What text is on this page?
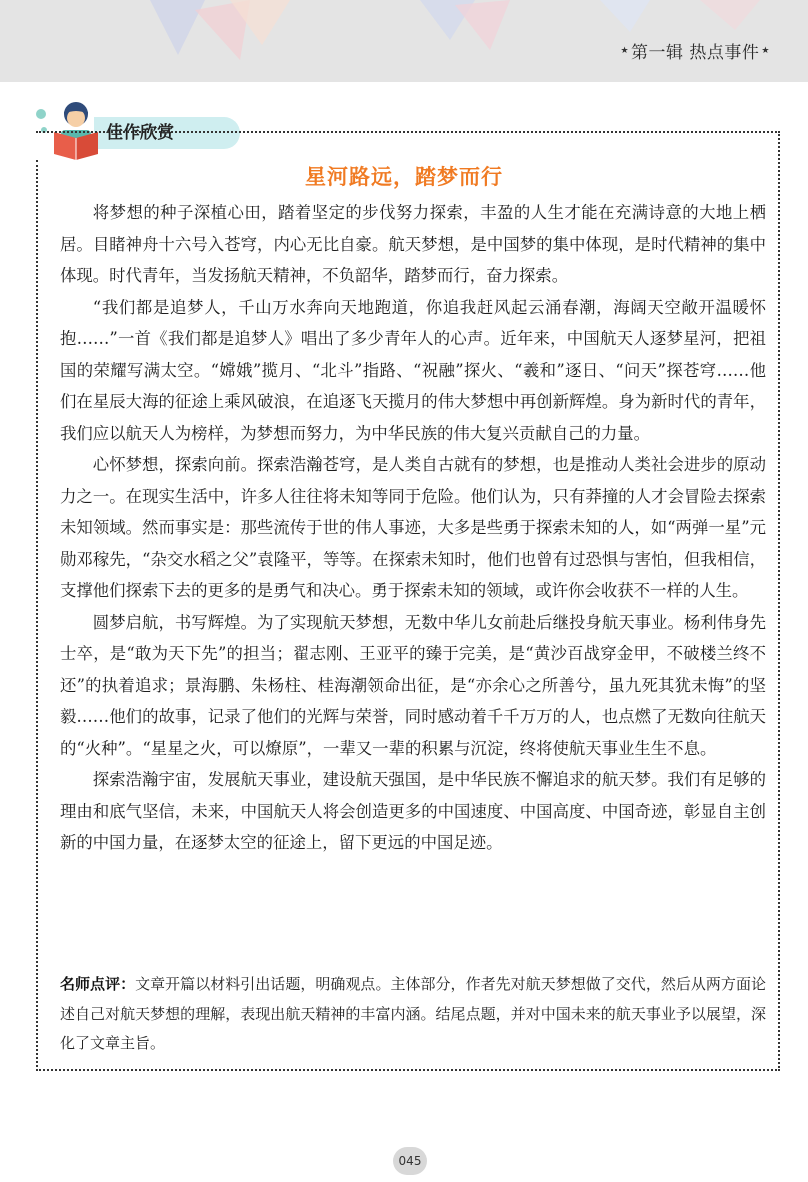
★ 第一辑 热点事件 ★
佳作欣赏
星河路远，踏梦而行

将梦想的种子深植心田，踏着坚定的步伐努力探索，丰盈的人生才能在充满诗意的大地上栖居。目睹神舟十六号入苍穹，内心无比自豪。航天梦想，是中国梦的集中体现，是时代精神的集中体现。时代青年，当发扬航天精神，不负韶华，踏梦而行，奋力探索。

“我们都是追梦人，千山万水奔向天地跑道，你追我赶风起云涌春潮，海阔天空敞开温暖怀抱……”一首《我们都是追梦人》唱出了多少青年人的心声。近年来，中国航天人逐梦星河，把祖国的荣耀写满太空。“嫦娥”揽月、“北斗”指路、“祝融”探火、“羲和”逐日、“问天”探苍穹……他们在星辰大海的征途上乘风破浪，在追逐飞天揽月的伟大梦想中再创新辉煌。身为新时代的青年，我们应以航天人为榜样，为梦想而努力，为中华民族的伟大复兴贡献自己的力量。

心怀梦想，探索向前。探索浩瀚苍穹，是人类自古就有的梦想，也是推动人类社会进步的原动力之一。在现实生活中，许多人往往将未知等同于危险。他们认为，只有莽撞的人才会冒险去探索未知领域。然而事实是：那些流传于世的伟人事迹，大多是些勇于探索未知的人，如“两弹一星”元勋邓稼先，“杂交水稻之父”袁隆平，等等。在探索未知时，他们也曾有过恐惧与害怕，但我相信，支撑他们探索下去的更多的是勇气和决心。勇于探索未知的领域，或许你会收获不一样的人生。

圆梦启航，书写辉煌。为了实现航天梦想，无数中华儿女前赴后继投身航天事业。杨利伟身先士卒，是“敢为天下先”的担当；翟志刚、王亚平的臻于完美，是“黄沙百战穿金甲，不破楼兰终不还”的执着追求；景海鹏、朱杨柱、桂海潮领命出征，是“亦余心之所善兮，虽九死其犹未悔”的坚毅……他们的故事，记录了他们的光辉与荣誉，同时感动着千千万万的人，也点燃了无数向往航天的“火种”。“星星之火，可以燎原”，一辈又一辈的积累与沉淀，终将使航天事业生生不息。

探索浩瀚宇宙，发展航天事业，建设航天强国，是中华民族不懈追求的航天梦。我们有足够的理由和底气坚信，未来，中国航天人将会创造更多的中国速度、中国高度、中国奇迹，彰显自主创新的中国力量，在逐梦太空的征途上，留下更远的中国足迹。

名师点评：文章开篇以材料引出话题，明确观点。主体部分，作者先对航天梦想做了交代，然后从两方面论述自己对航天梦想的理解，表现出航天精神的丰富内涵。结尾点题，并对中国未来的航天事业予以展望，深化了文章主旨。
045
